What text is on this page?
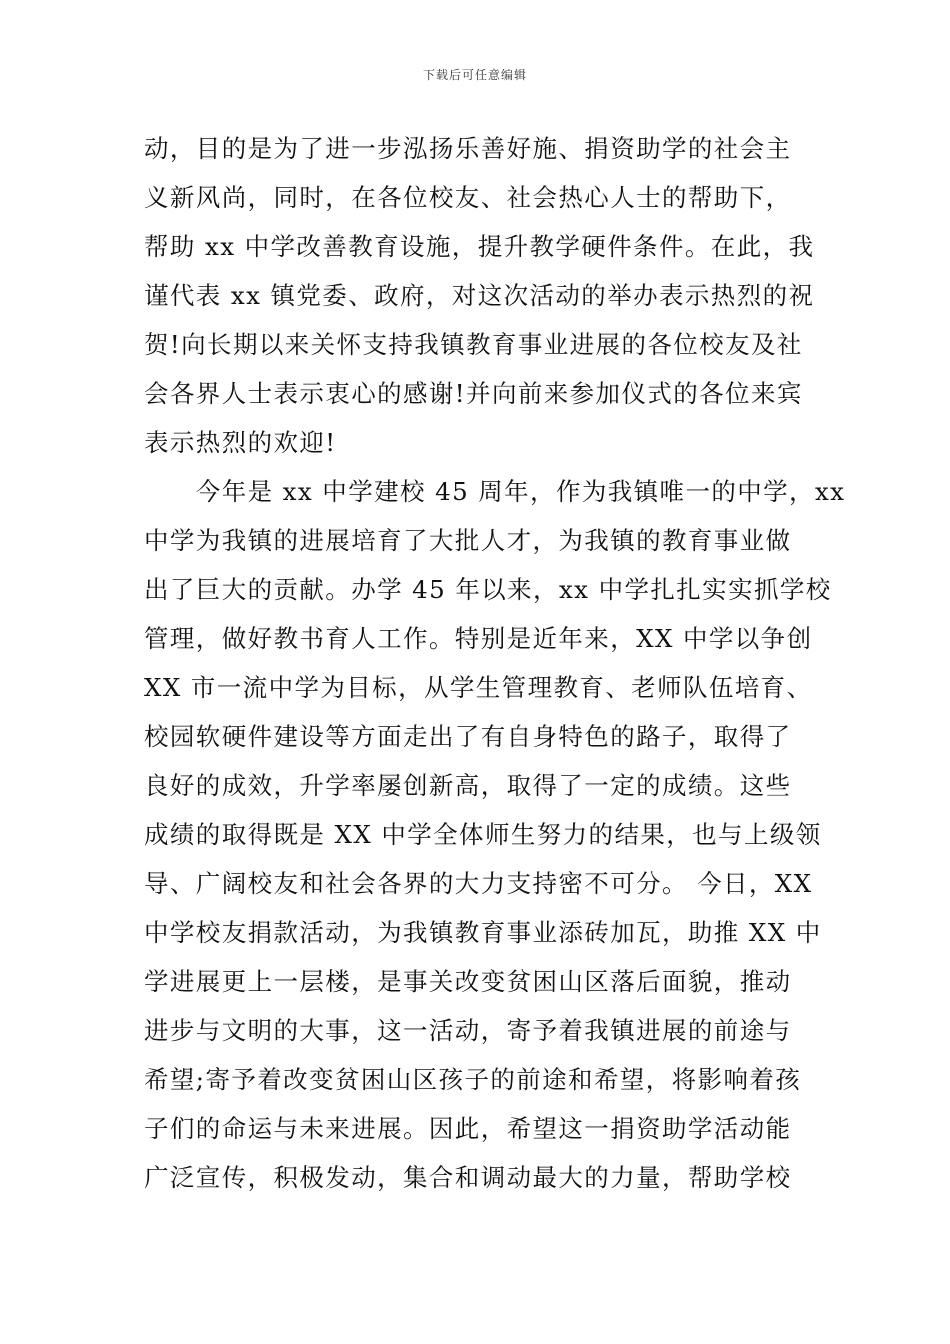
下载后可任意编辑
动，目的是为了进一步泓扬乐善好施、捐资助学的社会主
义新风尚，同时，在各位校友、社会热心人士的帮助下，
帮助 xx 中学改善教育设施，提升教学硬件条件。在此，我
谨代表 xx 镇党委、政府，对这次活动的举办表示热烈的祝
贺!向长期以来关怀支持我镇教育事业进展的各位校友及社
会各界人士表示衷心的感谢!并向前来参加仪式的各位来宾
表示热烈的欢迎!
　　今年是 xx 中学建校 45 周年，作为我镇唯一的中学，xx
中学为我镇的进展培育了大批人才，为我镇的教育事业做
出了巨大的贡献。办学 45 年以来，xx 中学扎扎实实抓学校
管理，做好教书育人工作。特别是近年来，XX 中学以争创
XX 市一流中学为目标，从学生管理教育、老师队伍培育、
校园软硬件建设等方面走出了有自身特色的路子，取得了
良好的成效，升学率屡创新高，取得了一定的成绩。这些
成绩的取得既是 XX 中学全体师生努力的结果，也与上级领
导、广阔校友和社会各界的大力支持密不可分。 今日，XX
中学校友捐款活动，为我镇教育事业添砖加瓦，助推 XX 中
学进展更上一层楼，是事关改变贫困山区落后面貌，推动
进步与文明的大事，这一活动，寄予着我镇进展的前途与
希望;寄予着改变贫困山区孩子的前途和希望，将影响着孩
子们的命运与未来进展。因此，希望这一捐资助学活动能
广泛宣传，积极发动，集合和调动最大的力量，帮助学校
